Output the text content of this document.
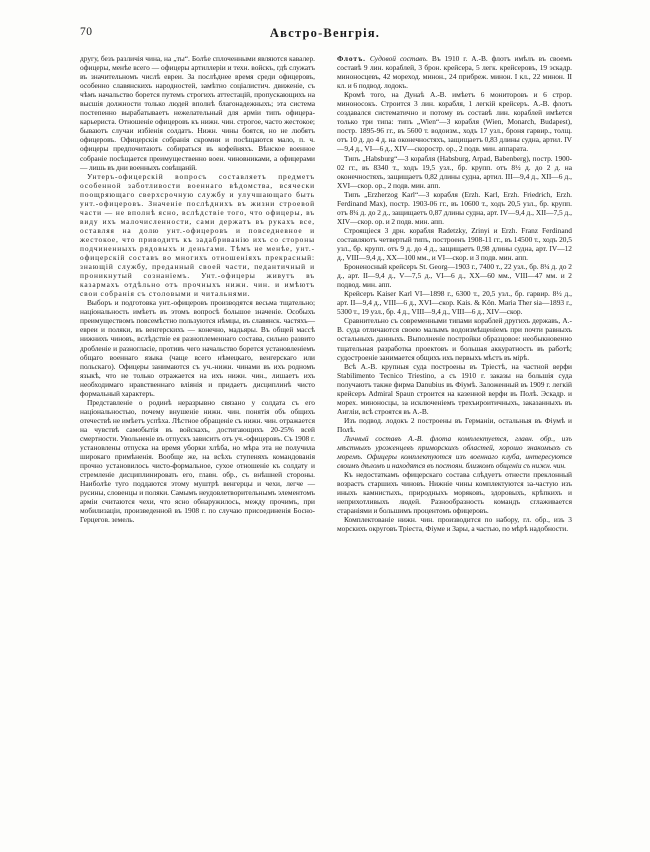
70	Австро-Венгрія.

другу, безъ различія чина, на „ты“. Болѣе сплоченными являются кавалер. офицеры, менѣе всего — офицеры артиллеріи и техн. войскъ, гдѣ служатъ въ значительномъ числѣ евреи. За послѣднее время среди офицеровъ, особенно славянскихъ народностей, замѣтно соціалистич. движеніе, съ чѣмъ начальство борется путемъ строгихъ аттестацій, пропускающихъ на высшія должности только людей вполнѣ благонадежныхъ; эта система постепенно вырабатываетъ нежелательный для арміи типъ офицера-карьериста. Отношеніе офицеровъ къ нижн. чин. строгое, часто жестокое; бываютъ случаи избіенія солдатъ. Нижн. чины боятся, но не любятъ офицеровъ. Офицерскія собранія скромни и посѣщаются мало, п. ч. офицеры предпочитаютъ собираться въ кофейняхъ. Вѣнское военное собраніе посѣщается преимущественно воен. чиновниками, а офицерами — лишь въ дни военныхъ совѣщаній.

Унтеръ-офицерскій вопросъ составляетъ предметъ особенной заботливости военнаго вѣдомства, всячески поощряющаго сверхсрочную службу и улучшающаго быть унт.-офицеровъ. Значеніе послѣднихъ въ жизни строевой части — не вполнѣ ясно, вслѣдствіе того, что офицеры, въ виду ихъ малочисленности, сами держатъ въ рукахъ все, оставляя на долю унт.-офицеровъ и повседневное и жестокое, что приводитъ къ задабриванію ихъ со стороны подчиненныхъ рядовыхъ и деньгами. Тѣмъ не менѣе, унт.-офицерскій составъ во многихъ отношеніяхъ прекрасный: знающій службу, преданный своей части, педантичный и проникнутый сознаніемъ. Унт.-офицеры живутъ въ казармахъ отдѣльно отъ прочныхъ нижн. чин. и имѣютъ свои собранія съ столовыми и читальнями.

Выборъ и подготовка унт.-офицеровъ производятся весьма тщательно; національность имѣетъ въ этомъ вопросѣ большое значеніе. Особыхъ преимуществомъ повсемѣстно пользуются нѣмцы, въ славянск. частяхъ—евреи и поляки, въ венгерскихъ — конечно, мадьяры. Въ общей массѣ нижнихъ чиновъ, вслѣдствіе ея разноплеменнаго состава, сильно развито дробленіе и разногласіе, противъ чего начальство борется установленіемъ общаго военнаго языка (чаще всего нѣмецкаго, венгерскаго или польскаго). Офицеры занимаются съ уч.-нижн. чинами въ ихъ родномъ языкѣ, что не только отражается на ихъ нижн. чин., лишаетъ ихъ необходимаго нравственнаго вліянія и придаетъ дисциплинѣ чисто формальный характеръ.

Представленіе о родинѣ неразрывно связано у солдата съ его національностью, почему внушеніе нижн. чин. понятія объ общихъ отечествѣ не имѣетъ успѣха. Лѣстное обращеніе съ нижн. чин. отражается на чувствѣ самобытія въ войскахъ, достигающихъ 20-25% всей смертности. Увольненіе въ отпускъ зависитъ отъ уч.-офицеровъ. Съ 1908 г. установлены отпуска на время уборки хлѣба, но мѣра эта не получила широкаго примѣненія. Вообще же, на всѣхъ ступеняхъ командованія прочно установилось чисто-формальное, сухое отношеніе къ солдату и стремленіе дисциплинировать его, главн. обр., съ внѣшней стороны. Наиболѣе туго поддаются этому муштрѣ венгерцы и чехи, легче — русины, словенцы и поляки. Самымъ неудовлетворительнымъ элементомъ арміи считаются чехи, что ясно обнаружилось, между прочимъ, при мобилизаціи, произведенной въ 1908 г. по случаю присоединенія Босно-Герцегов. земель.

Флотъ. Судовой составъ. Въ 1910 г. А.-В. флотъ имѣлъ въ своемъ составѣ 9 лин. кораблей, 3 брон. крейсера, 5 легк. крейсеровъ, 19 эскадр. миноносцевъ, 42 мореход. минон., 24 прибреж. минон. I кл., 22 минон. II кл. и 6 подвод. лодокъ.

Кромѣ того, на Дунаѣ А.-В. имѣетъ 6 мониторовъ и 6 строр. миноносокъ. Строится 3 лин. корабля, 1 легкій крейсеръ. А.-В. флотъ создавался систематично и потому въ составѣ лин. кораблей имѣется только три типа: типъ „Wien“—3 корабля (Wien, Monarch, Budapest), постр. 1895-96 гг., въ 5600 т. водоизм., ходъ 17 узл., броня гарвир., толщ. отъ 10 д. до 4 д. на оконечностяхъ, защищаетъ 0,83 длины судна, артил. IV—9,4 д., VI—6 д., XIV—скоростр. ор., 2 подв. мин. аппарата.

Типъ „Habsburg“—3 корабля (Habsburg, Arpad, Babenberg), постр. 1900-02 гг., въ 8340 т., ходъ 19,5 узл., бр. крупп. отъ 8½ д. до 2 д. на оконечностяхъ, защищаетъ 0,82 длины судна, артил. III—9,4 д., XII—6 д., XVI—скор. ор., 2 подв. мин. апп.

Типъ „Erzherzog Karl“—3 корабля (Erzh. Karl, Erzh. Friedrich, Erzh. Ferdinand Max), постр. 1903-06 гг., въ 10600 т., ходъ 20,5 узл., бр. крупп. отъ 8¼ д. до 2 д., защищаетъ 0,87 длины судна, арт. IV—9,4 д., XII—7,5 д., XIV—скор. ор. и 2 подв. мин. апп.

Строящіеся 3 дрн. корабля Radetzky, Zrinyi и Erzh. Franz Ferdinand составляютъ четвертый типъ, построенъ 1908-11 гг., въ 14500 т., ходъ 20,5 узл., бр. крупп. отъ 9 д. до 4 д., защищаетъ 0,98 длины судна, арт. IV—12 д., VIII—9,4 д., XX—100 мм., и VI—скор. и 3 подв. мин. апп.

Броненосный крейсеръ St. Georg—1903 г., 7400 т., 22 узл., бр. 8¼ д. до 2 д., арт. II—9,4 д., V—7,5 д., VI—6 д., XX—60 мм., VIII—47 мм. и 2 подвод. мин. апп.

Крейсеръ Kaiser Karl VI—1898 г., 6300 т., 20,5 узл., бр. гарвир. 8½ д., арт. II—9,4 д., VIII—6 д., XVI—скор. Kais. & Kön. Maria Ther sia—1893 г., 5300 т., 19 узл., бр. 4 д., VIII—9,4 д., VIII—6 д., XIV—скор.

Сравнительно съ современными типами кораблей другихъ державъ, А.-В. суда отличаются своею малымъ водоизмѣщеніемъ при почти равныхъ остальныхъ данныхъ. Выполненіе постройки образцовое: необыкновенно тщательная разработка проектовъ и большая аккуратность въ работѣ; судостроеніе занимается общихъ ихъ первыхъ мѣстъ въ мірѣ.

Всѣ А.-В. крупныя суда построены въ Тріестѣ, на частной верфи Stabilimento Tecnico Triestino, а съ 1910 г. заказы на большія суда получаютъ также фирма Danubius въ Фіумѣ. Заложенный въ 1909 г. легкій крейсеръ Admiral Spaun строится на казенной верфи въ Полѣ. Эскадр. и морех. миноносцы, за исключеніемъ трехъироитичныхъ, заказанныхъ въ Англіи, всѣ строятся въ А.-В.

Изъ подвод. лодокъ 2 построены въ Германіи, остальныя въ Фіумѣ и Полѣ.

Личный составъ А.-В. флота комплектуется, главн. обр., изъ мѣстныхъ уроженцевъ приморскихъ областей, хорошо знакомыхъ съ моремъ. Офицеры комплектуются изъ военнаго клуба, интересуются своимъ дѣломъ и находятся въ постоян. близкомъ общеніи съ нижн. чин.

Къ недостаткамъ офицерскаго состава слѣдуетъ отнести преклонный возрастъ старшихъ чиновъ. Нижніе чины комплектуются за-частую изъ иныхъ камнистыхъ, природныхъ моряковъ, здоровыхъ, крѣпкихъ и неприхотливыхъ людей. Разнообразность командъ сглаживается стараніями и большимъ процентомъ офицеровъ.

Комплектованіе нижн. чин. производится по набору, гл. обр., изъ 3 морскихъ округовъ Тріеста, Фіуме и Зары, а частью, по мѣрѣ надобности.
